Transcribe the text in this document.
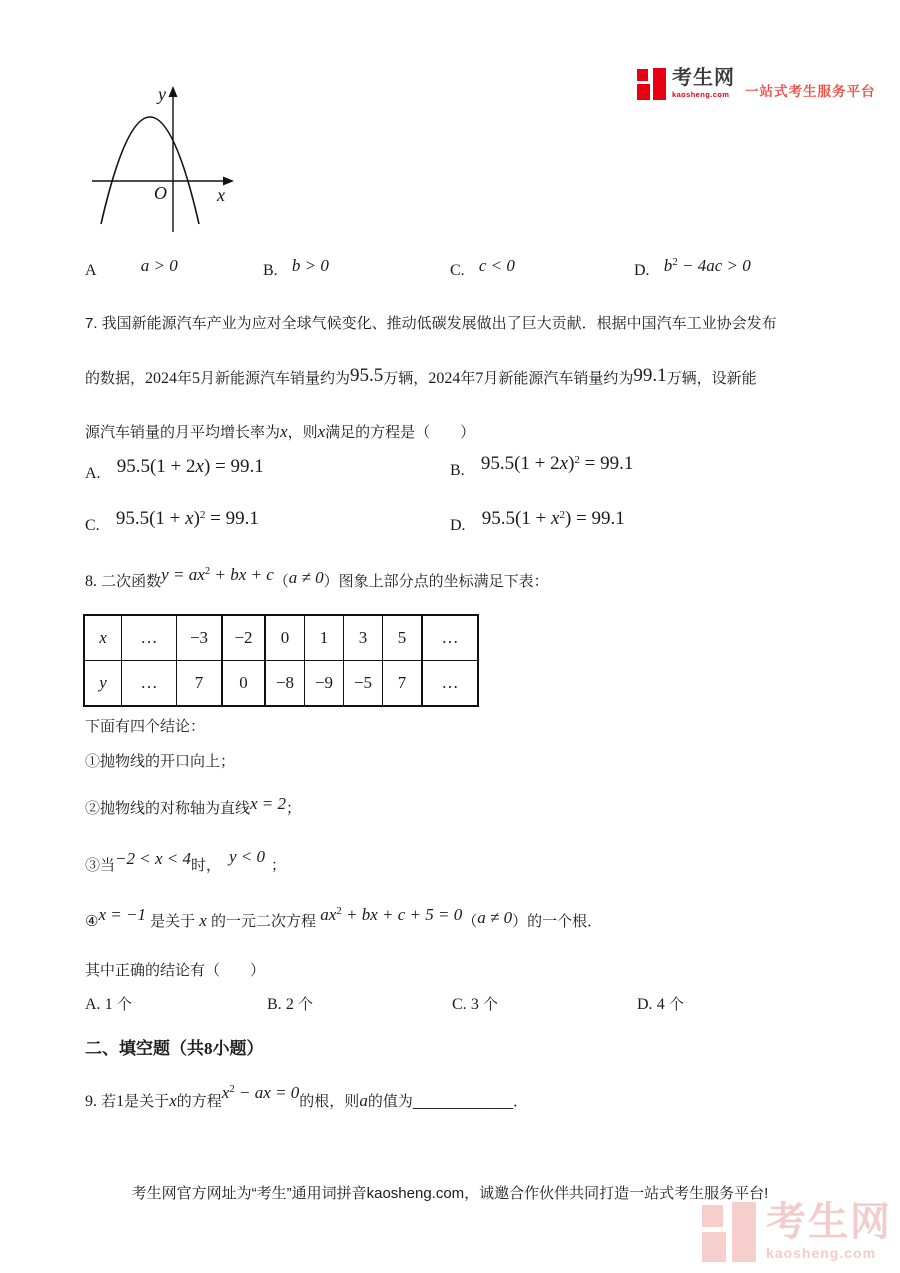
考生网
kaosheng.com	一站式考生服务平台
y
x
O
A	a > 0	B. b > 0	C. c < 0	D. $b^2 - 4ac > 0$
7. 我国新能源汽车产业为应对全球气候变化、推动低碳发展做出了巨大贡献．根据中国汽车工业协会发布
的数据，2024年5月新能源汽车销量约为95.5万辆，2024年7月新能源汽车销量约为99.1万辆，设新能
源汽车销量的月平均增长率为x，则x满足的方程是（　　）
A. 95.5(1 + 2x) = 99.1	B. $95.5(1 + 2x)^2 = 99.1$
C. $95.5(1 + x)^2 = 99.1$	D. $95.5(1 + x^2) = 99.1$
8. 二次函数$y = ax^2$ + bx + c（a ≠ 0）图象上部分点的坐标满足下表：
x	…	−3	−2	0	1	3	5	…
y	…	7	0	−8	−9	−5	7	…
下面有四个结论：
①抛物线的开口向上；
②抛物线的对称轴为直线x = 2；
③当−2 < x < 4时， y < 0 ；
④x = −1 是关于 x 的一元二次方程 $ax^2$ + bx + c + 5 = 0（a ≠ 0）的一个根．
其中正确的结论有（　　）
A. 1 个	B. 2 个	C. 3 个	D. 4 个
二、填空题（共8小题）
9. 若1是关于x的方程$x^2$ − ax = 0的根，则a的值为____________．
考生网官方网址为“考生”通用词拼音kaosheng.com，诚邀合作伙伴共同打造一站式考生服务平台!
考生网
kaosheng.com
